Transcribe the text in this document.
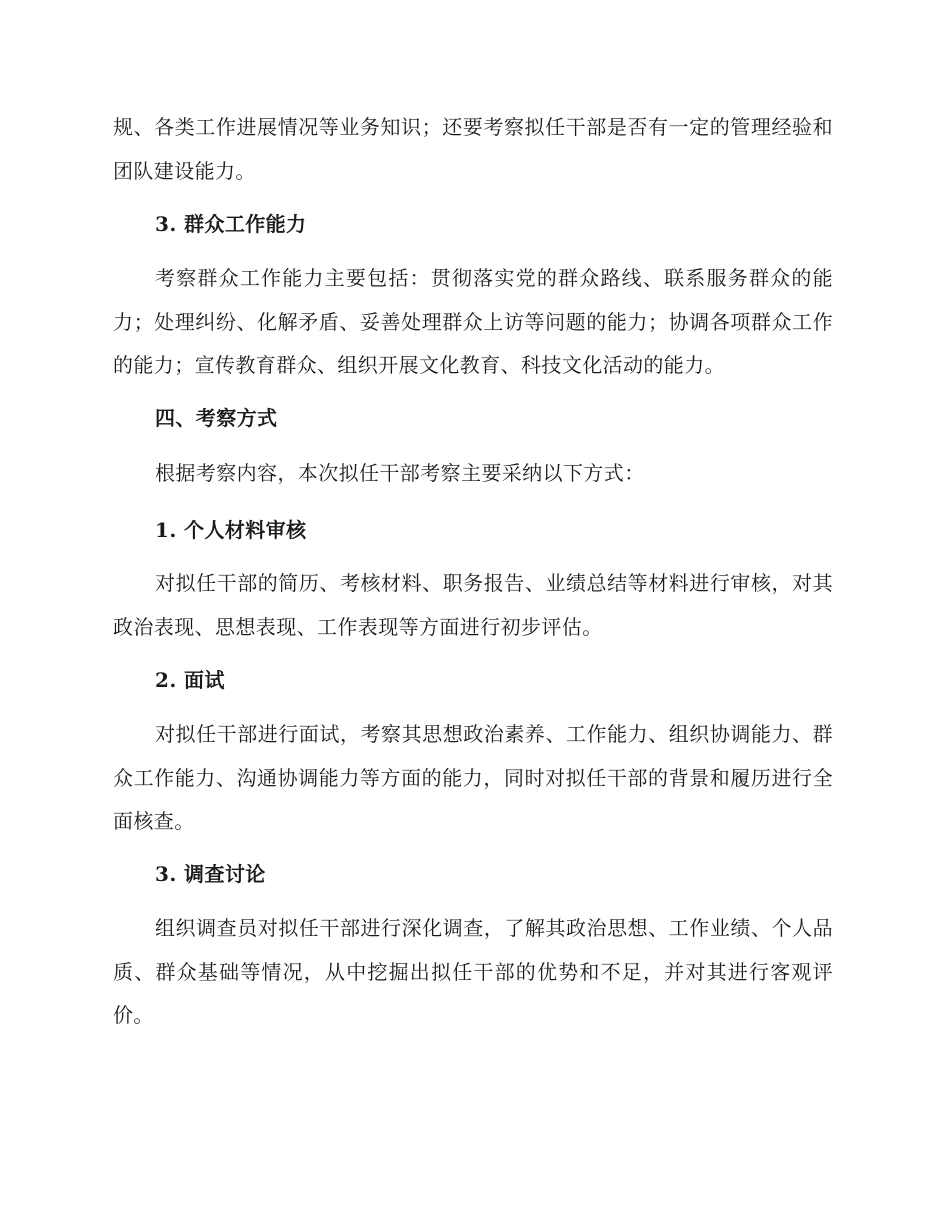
规、各类工作进展情况等业务知识；还要考察拟任干部是否有一定的管理经验和团队建设能力。

3. 群众工作能力

考察群众工作能力主要包括：贯彻落实党的群众路线、联系服务群众的能力；处理纠纷、化解矛盾、妥善处理群众上访等问题的能力；协调各项群众工作的能力；宣传教育群众、组织开展文化教育、科技文化活动的能力。

四、考察方式

根据考察内容，本次拟任干部考察主要采纳以下方式：

1. 个人材料审核

对拟任干部的简历、考核材料、职务报告、业绩总结等材料进行审核，对其政治表现、思想表现、工作表现等方面进行初步评估。

2. 面试

对拟任干部进行面试，考察其思想政治素养、工作能力、组织协调能力、群众工作能力、沟通协调能力等方面的能力，同时对拟任干部的背景和履历进行全面核查。

3. 调查讨论

组织调查员对拟任干部进行深化调查，了解其政治思想、工作业绩、个人品质、群众基础等情况，从中挖掘出拟任干部的优势和不足，并对其进行客观评价。
